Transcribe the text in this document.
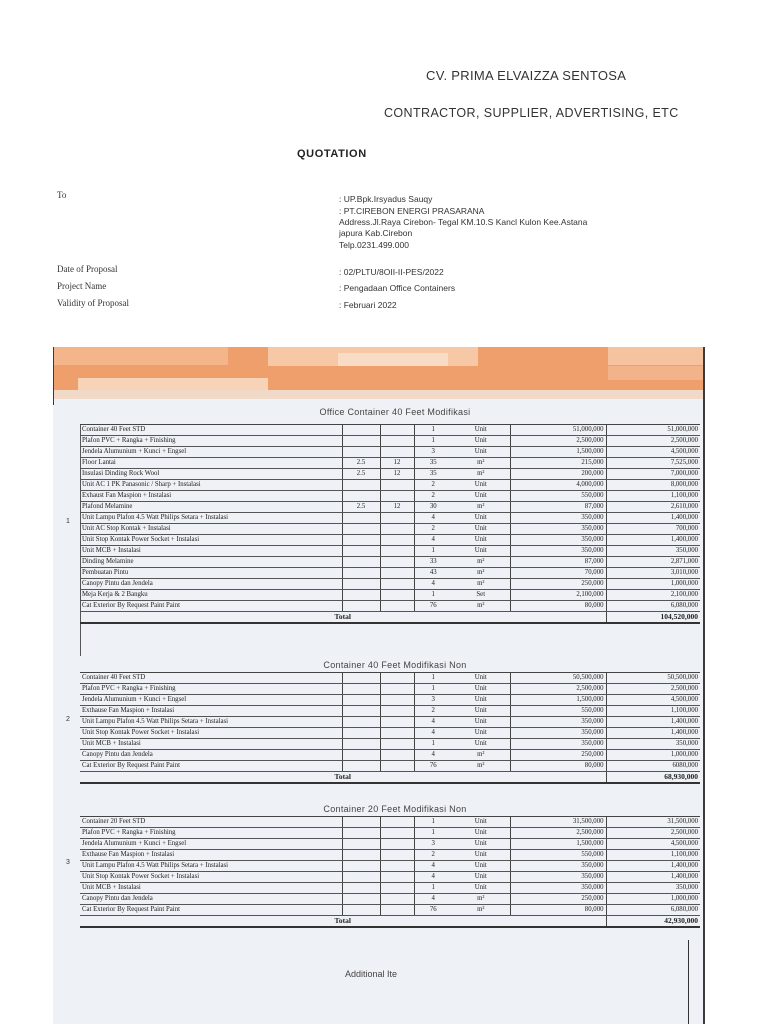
CV. PRIMA ELVAIZZA SENTOSA
CONTRACTOR, SUPPLIER, ADVERTISING, ETC
QUOTATION
To	: UP.Bpk.Irsyadus Sauqy
: PT.CIREBON ENERGI PRASARANA
Address.Jl.Raya Cirebon- Tegal KM.10.S Kancl Kulon Kee.Astana
japura Kab.Cirebon
Telp.0231.499.000
Date of Proposal	: 02/PLTU/8OII-II-PES/2022
Project Name	: Pengadaan Office Containers
Validity of Proposal	: Februari 2022
Office Container 40 Feet Modifikasi
1
Container 40 Feet STD			1	Unit	51,000,000	51,000,000
Plafon PVC + Rangka + Finishing			1	Unit	2,500,000	2,500,000
Jendela Alumunium + Kunci + Engsel			3	Unit	1,500,000	4,500,000
Floor Lantai	2.5	12	35	m²	215,000	7,525,000
Insulasi Dinding Rock Wool	2.5	12	35	m²	200,000	7,000,000
Unit AC 1 PK Panasonic / Sharp + Instalasi			2	Unit	4,000,000	8,000,000
Exhaust Fan Maspion + Instalasi			2	Unit	550,000	1,100,000
Plafond Melamine	2.5	12	30	m²	87,000	2,610,000
Unit Lampu Plafon 4.5 Watt Philips Setara + Instalasi			4	Unit	350,000	1,400,000
Unit AC Stop Kontak + Instalasi			2	Unit	350,000	700,000
Unit Stop Kontak Power Socket + Instalasi			4	Unit	350,000	1,400,000
Unit MCB + Instalasi			1	Unit	350,000	350,000
Dinding Melamine			33	m²	87,000	2,871,000
Pembuatan Pintu			43	m²	70,000	3,010,000
Canopy Pintu dan Jendela			4	m²	250,000	1,000,000
Meja Kerja & 2 Bangku			1	Set	2,100,000	2,100,000
Cat Exterior By Request Paint Paint			76	m²	80,000	6,080,000
Total						104,520,000
Container 40 Feet Modifikasi Non
2
Container 40 Feet STD			1	Unit	50,500,000	50,500,000
Plafon PVC + Rangka + Finishing			1	Unit	2,500,000	2,500,000
Jendela Alumunium + Kunci + Engsel			3	Unit	1,500,000	4,500,000
Exthause Fan Maspion + Instalasi			2	Unit	550,000	1,100,000
Unit Lampu Plafon 4.5 Watt Philips Setara + Instalasi			4	Unit	350,000	1,400,000
Unit Stop Kontak Power Socket + Instalasi			4	Unit	350,000	1,400,000
Unit MCB + Instalasi			1	Unit	350,000	350,000
Canopy Pintu dan Jendela			4	m²	250,000	1,000,000
Cat Exterior By Request Paint Paint			76	m²	80,000	6080,000
Total						68,930,000
Container 20 Feet Modifikasi Non
3
Container 20 Feet STD			1	Unit	31,500,000	31,500,000
Plafon PVC + Rangka + Finishing			1	Unit	2,500,000	2,500,000
Jendela Alumunium + Kunci + Engsel			3	Unit	1,500,000	4,500,000
Exthause Fan Maspion + Instalasi			2	Unit	550,000	1,100,000
Unit Lampu Plafon 4.5 Watt Philips Setara + Instalasi			4	Unit	350,000	1,400,000
Unit Stop Kontak Power Socket + Instalasi			4	Unit	350,000	1,400,000
Unit MCB + Instalasi			1	Unit	350,000	350,000
Canopy Pintu dan Jendela			4	m²	250,000	1,000,000
Cat Exterior By Request Paint Paint			76	m²	80,000	6,080,000
Total						42,930,000
Additional Ite
